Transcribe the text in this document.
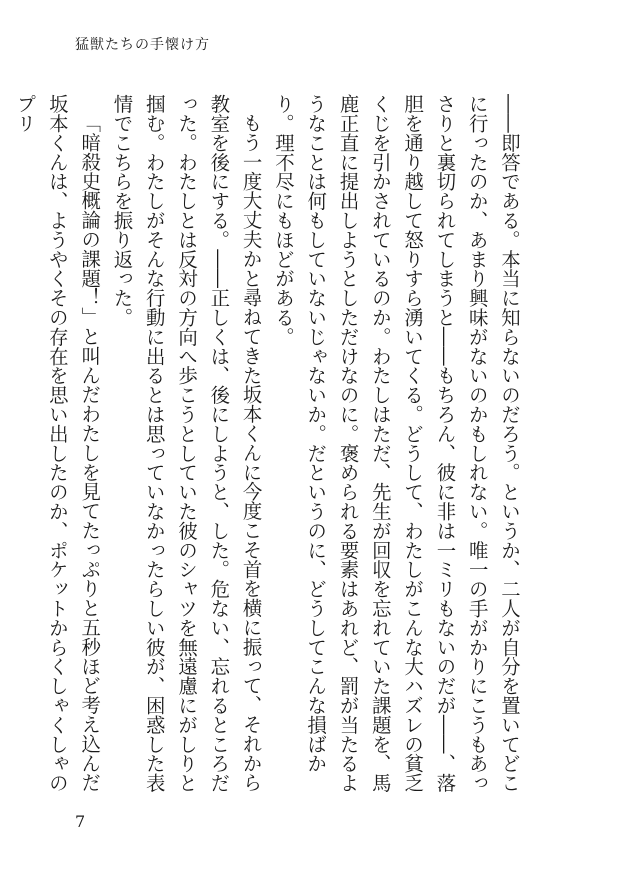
猛獣たちの手懐け方

――即答である。本当に知らないのだろう。というか、二人が自分を置いてどこに行ったのか、あまり興味がないのかもしれない。唯一の手がかりにこうもあっさりと裏切られてしまうと――もちろん、彼に非は一ミリもないのだが――、落胆を通り越して怒りすら湧いてくる。どうして、わたしがこんな大ハズレの貧乏くじを引かされているのか。わたしはただ、先生が回収を忘れていた課題を、馬鹿正直に提出しようとしただけなのに。褒められる要素はあれど、罰が当たるようなことは何もしていないじゃないか。だというのに、どうしてこんな損ばかり。理不尽にもほどがある。

もう一度大丈夫かと尋ねてきた坂本くんに今度こそ首を横に振って、それから教室を後にする。――正しくは、後にしようと、した。危ない、忘れるところだった。わたしとは反対の方向へ歩こうとしていた彼のシャツを無遠慮にがしりと掴む。わたしがそんな行動に出るとは思っていなかったらしい彼が、困惑した表情でこちらを振り返った。

「暗殺史概論の課題！」と叫んだわたしを見てたっぷりと五秒ほど考え込んだ坂本くんは、ようやくその存在を思い出したのか、ポケットからくしゃくしゃのプリ

7
